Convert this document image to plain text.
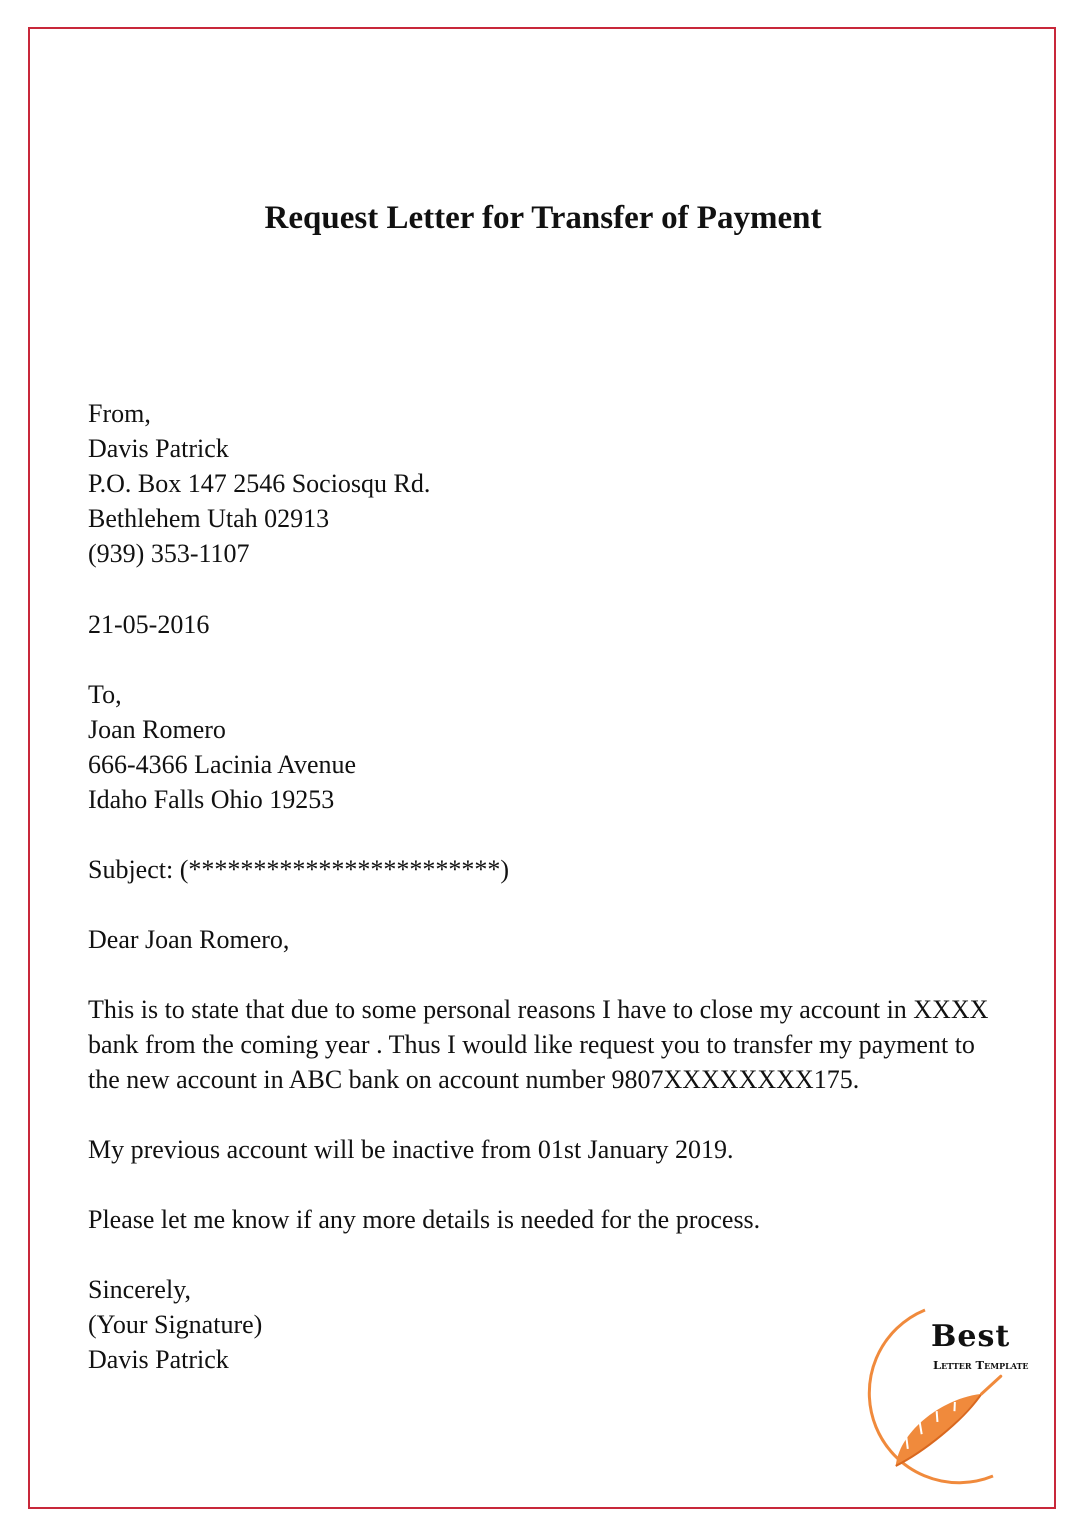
Request Letter for Transfer of Payment
From,
Davis Patrick
P.O. Box 147 2546 Sociosqu Rd.
Bethlehem Utah 02913
(939) 353-1107
21-05-2016
To,
Joan Romero
666-4366 Lacinia Avenue
Idaho Falls Ohio 19253
Subject: (************************)
Dear Joan Romero,
This is to state that due to some personal reasons I have to close my account in XXXX
bank from the coming year . Thus I would like request you to transfer my payment to
the new account in ABC bank on account number 9807XXXXXXXX175.
My previous account will be inactive from 01st January 2019.
Please let me know if any more details is needed for the process.
Sincerely,
(Your Signature)
Davis Patrick
Best
Letter Template
